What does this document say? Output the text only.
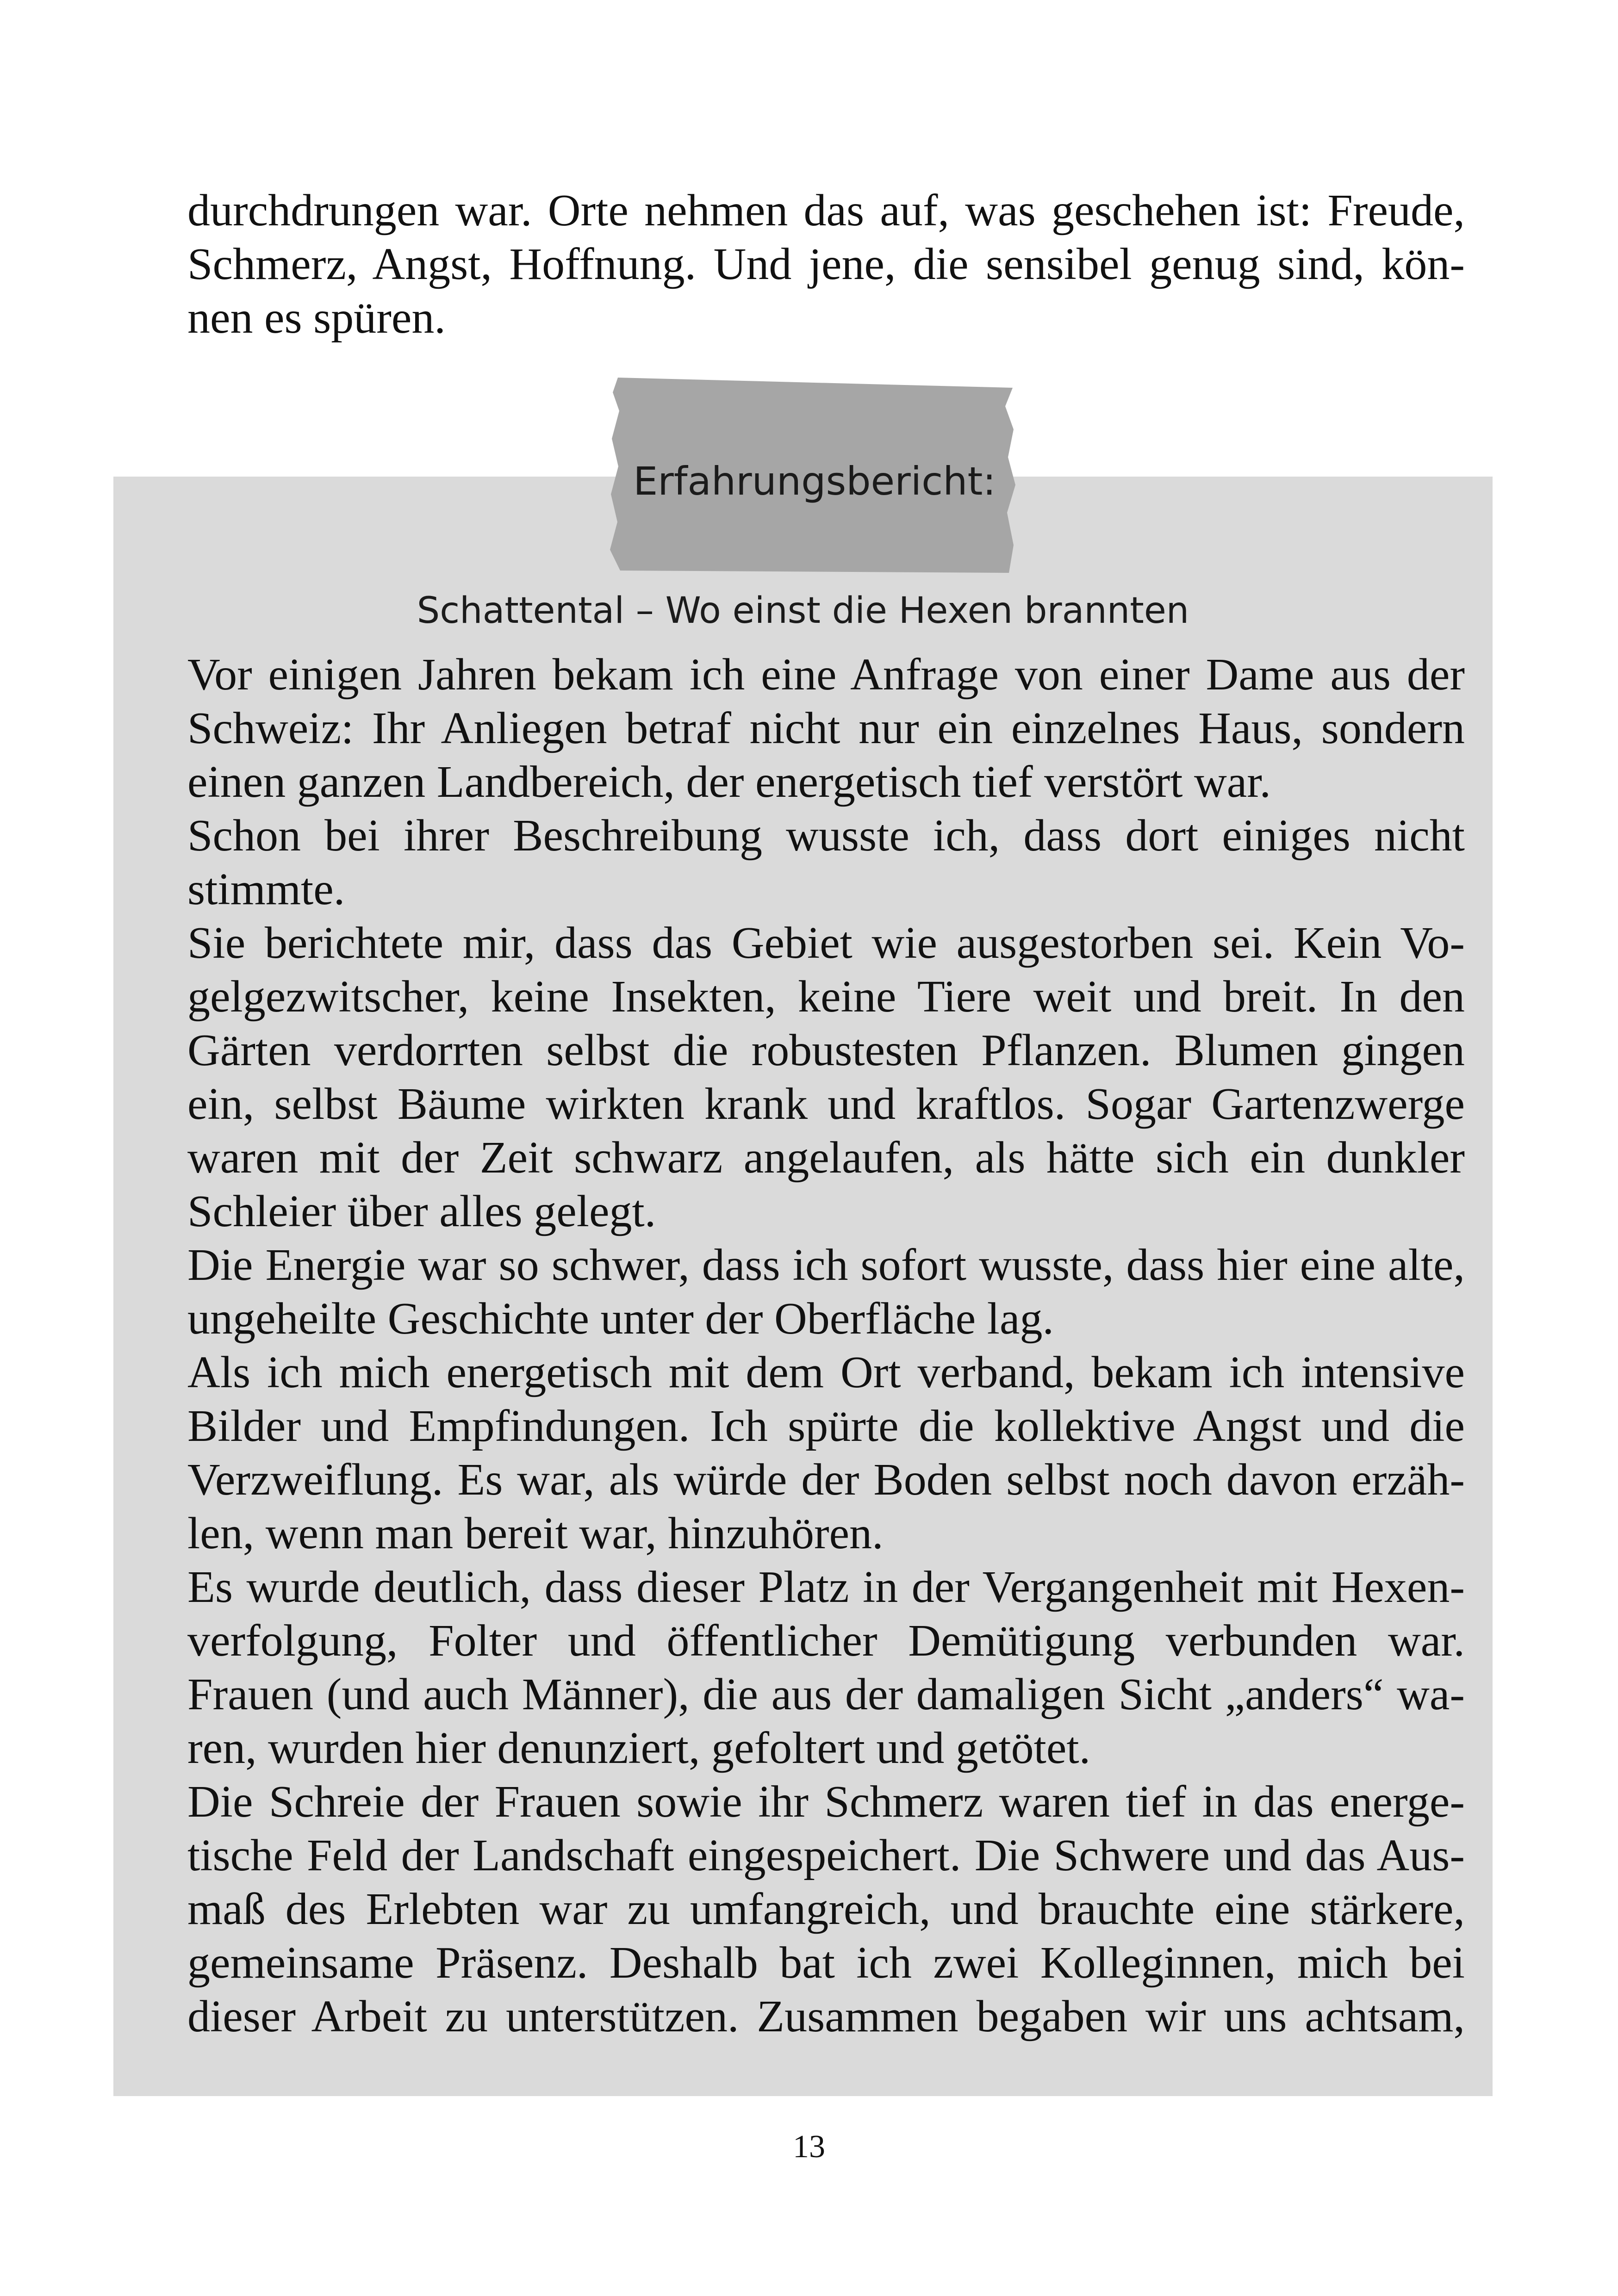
durchdrungen war. Orte nehmen das auf, was geschehen ist: Freude,
Schmerz, Angst, Hoffnung. Und jene, die sensibel genug sind, kön-
nen es spüren.
Erfahrungsbericht:
Schattental – Wo einst die Hexen brannten
Vor einigen Jahren bekam ich eine Anfrage von einer Dame aus der
Schweiz: Ihr Anliegen betraf nicht nur ein einzelnes Haus, sondern
einen ganzen Landbereich, der energetisch tief verstört war.
Schon bei ihrer Beschreibung wusste ich, dass dort einiges nicht
stimmte.
Sie berichtete mir, dass das Gebiet wie ausgestorben sei. Kein Vo-
gelgezwitscher, keine Insekten, keine Tiere weit und breit. In den
Gärten verdorrten selbst die robustesten Pflanzen. Blumen gingen
ein, selbst Bäume wirkten krank und kraftlos. Sogar Gartenzwerge
waren mit der Zeit schwarz angelaufen, als hätte sich ein dunkler
Schleier über alles gelegt.
Die Energie war so schwer, dass ich sofort wusste, dass hier eine alte,
ungeheilte Geschichte unter der Oberfläche lag.
Als ich mich energetisch mit dem Ort verband, bekam ich intensive
Bilder und Empfindungen. Ich spürte die kollektive Angst und die
Verzweiflung. Es war, als würde der Boden selbst noch davon erzäh-
len, wenn man bereit war, hinzuhören.
Es wurde deutlich, dass dieser Platz in der Vergangenheit mit Hexen-
verfolgung, Folter und öffentlicher Demütigung verbunden war.
Frauen (und auch Männer), die aus der damaligen Sicht „anders“ wa-
ren, wurden hier denunziert, gefoltert und getötet.
Die Schreie der Frauen sowie ihr Schmerz waren tief in das energe-
tische Feld der Landschaft eingespeichert. Die Schwere und das Aus-
maß des Erlebten war zu umfangreich, und brauchte eine stärkere,
gemeinsame Präsenz. Deshalb bat ich zwei Kolleginnen, mich bei
dieser Arbeit zu unterstützen. Zusammen begaben wir uns achtsam,
13
